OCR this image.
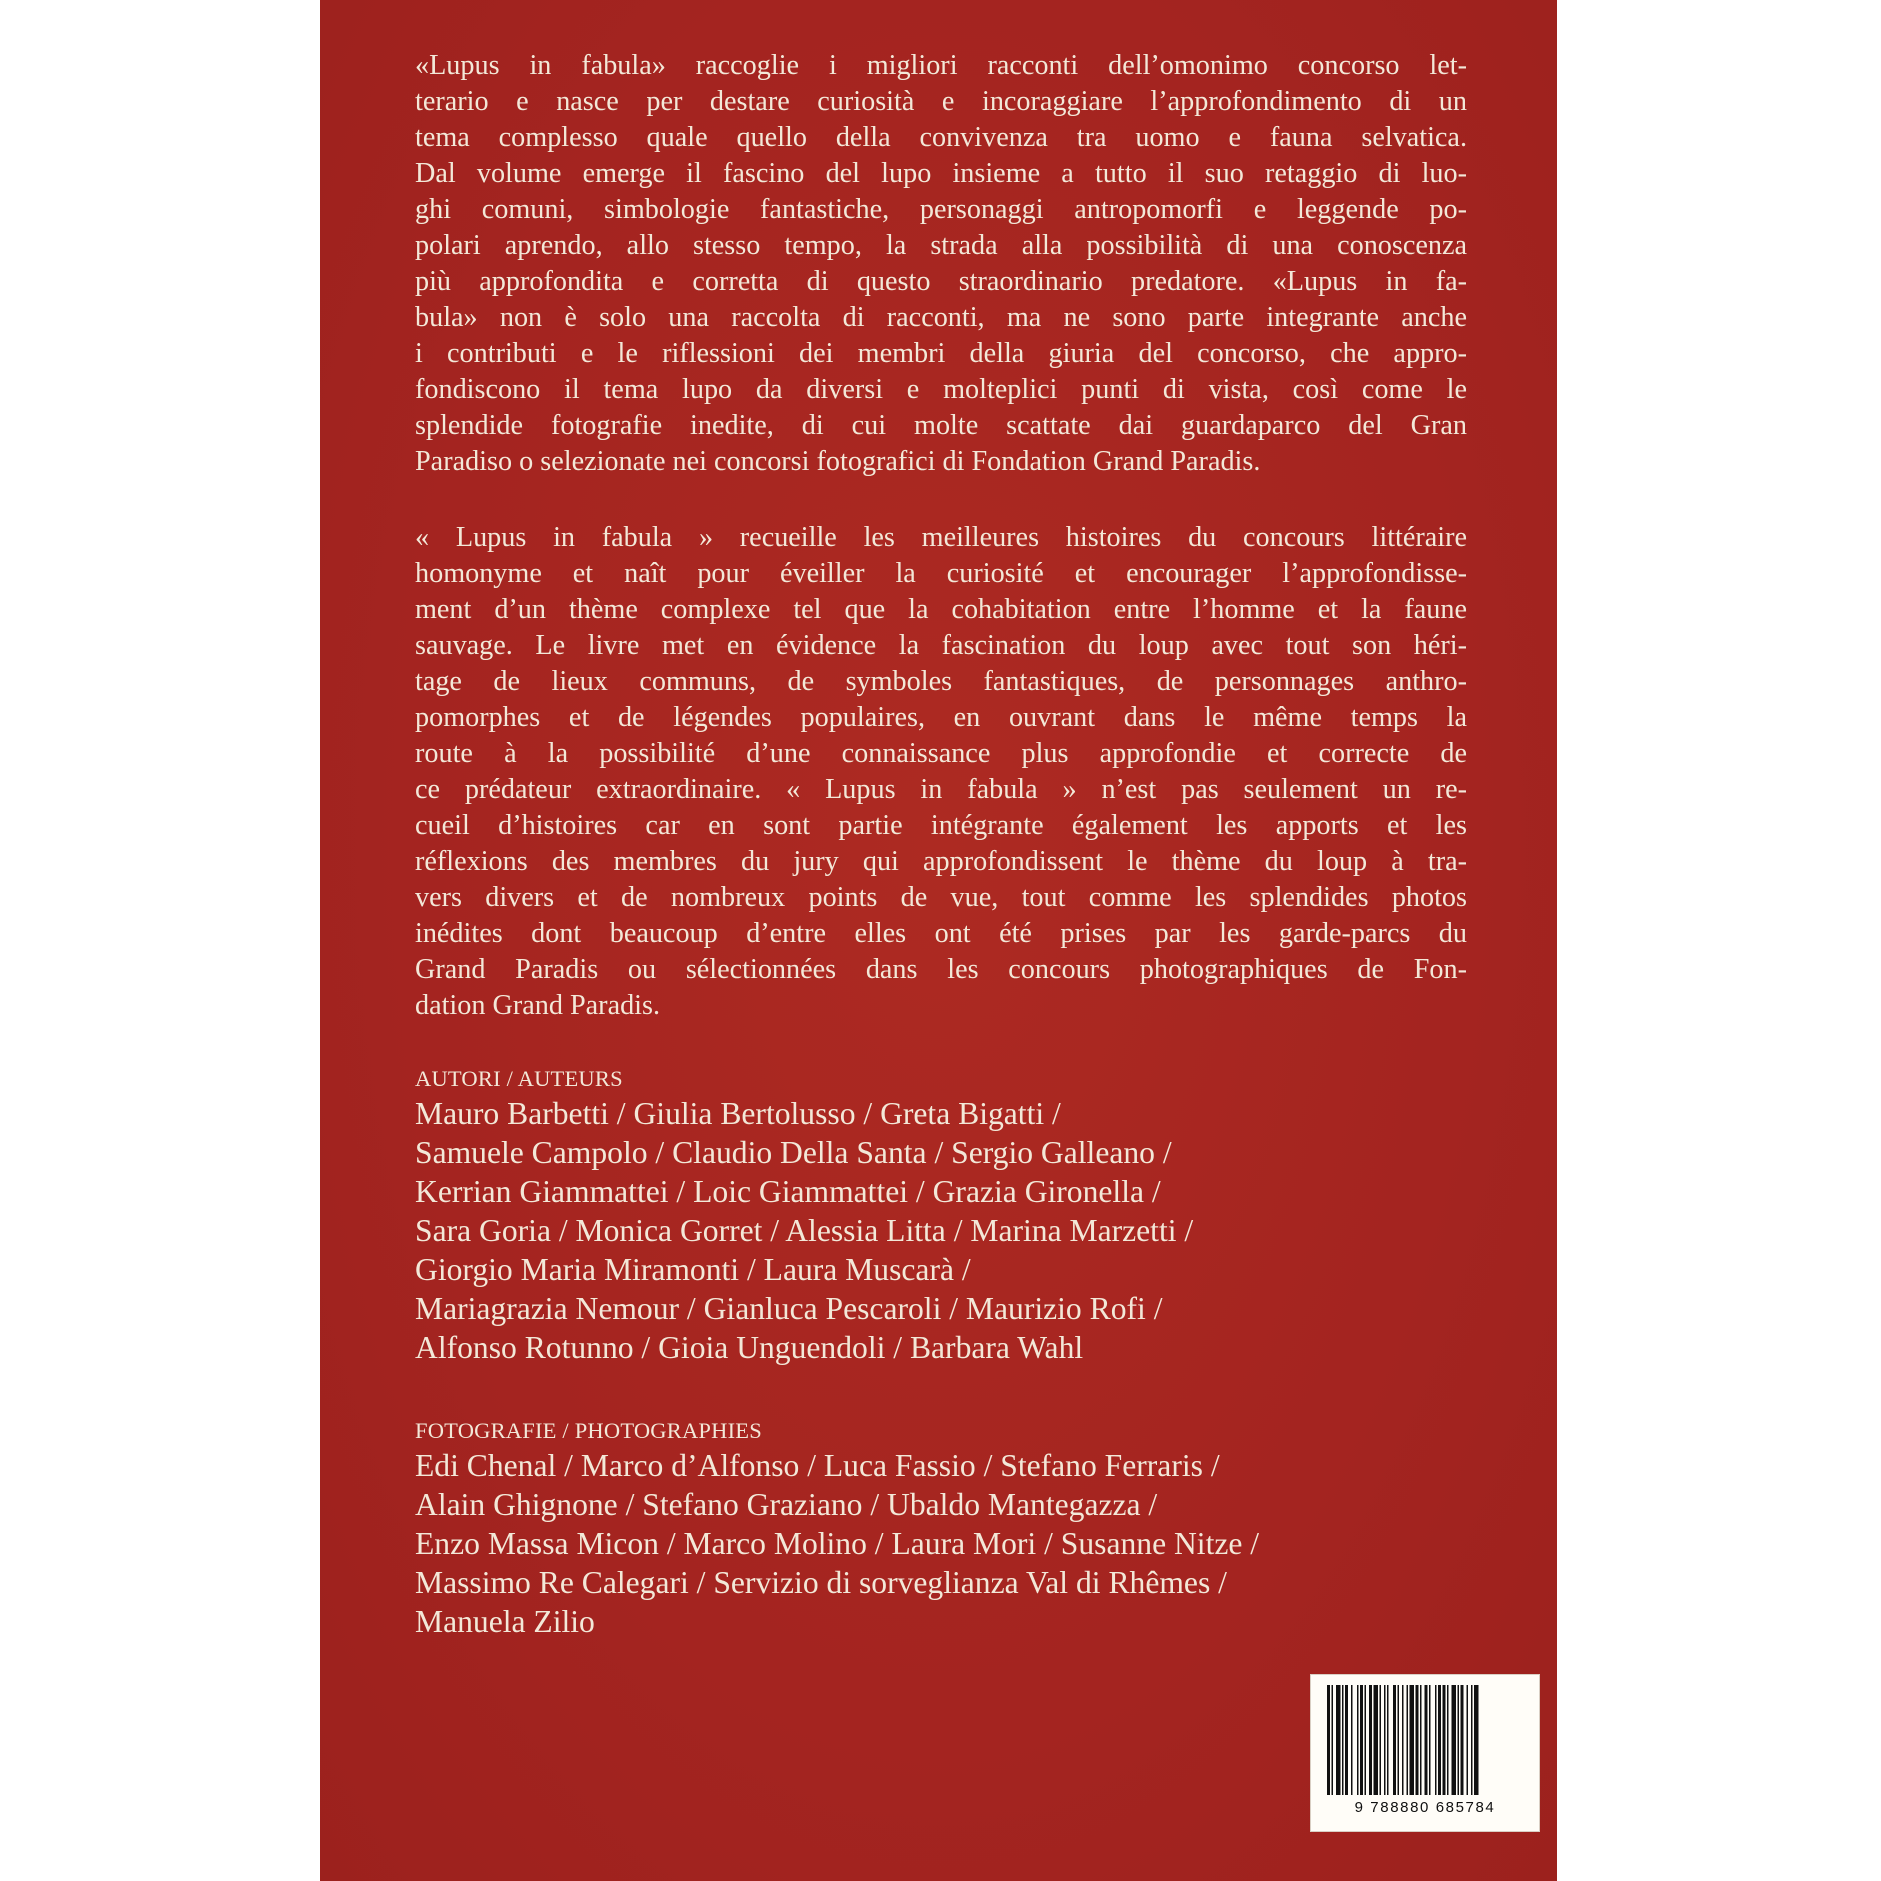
«Lupus in fabula» raccoglie i migliori racconti dell’omonimo concorso let-
terario e nasce per destare curiosità e incoraggiare l’approfondimento di un
tema complesso quale quello della convivenza tra uomo e fauna selvatica.
Dal volume emerge il fascino del lupo insieme a tutto il suo retaggio di luo-
ghi comuni, simbologie fantastiche, personaggi antropomorfi e leggende po-
polari aprendo, allo stesso tempo, la strada alla possibilità di una conoscenza
più approfondita e corretta di questo straordinario predatore. «Lupus in fa-
bula» non è solo una raccolta di racconti, ma ne sono parte integrante anche
i contributi e le riflessioni dei membri della giuria del concorso, che appro-
fondiscono il tema lupo da diversi e molteplici punti di vista, così come le
splendide fotografie inedite, di cui molte scattate dai guardaparco del Gran
Paradiso o selezionate nei concorsi fotografici di Fondation Grand Paradis.

« Lupus in fabula » recueille les meilleures histoires du concours littéraire
homonyme et naît pour éveiller la curiosité et encourager l’approfondisse-
ment d’un thème complexe tel que la cohabitation entre l’homme et la faune
sauvage. Le livre met en évidence la fascination du loup avec tout son héri-
tage de lieux communs, de symboles fantastiques, de personnages anthro-
pomorphes et de légendes populaires, en ouvrant dans le même temps la
route à la possibilité d’une connaissance plus approfondie et correcte de
ce prédateur extraordinaire. « Lupus in fabula » n’est pas seulement un re-
cueil d’histoires car en sont partie intégrante également les apports et les
réflexions des membres du jury qui approfondissent le thème du loup à tra-
vers divers et de nombreux points de vue, tout comme les splendides photos
inédites dont beaucoup d’entre elles ont été prises par les garde-parcs du
Grand Paradis ou sélectionnées dans les concours photographiques de Fon-
dation Grand Paradis.

AUTORI / AUTEURS

Mauro Barbetti / Giulia Bertolusso / Greta Bigatti /
Samuele Campolo / Claudio Della Santa / Sergio Galleano /
Kerrian Giammattei / Loic Giammattei / Grazia Gironella /
Sara Goria / Monica Gorret / Alessia Litta / Marina Marzetti /
Giorgio Maria Miramonti / Laura Muscarà /
Mariagrazia Nemour / Gianluca Pescaroli / Maurizio Rofi /
Alfonso Rotunno / Gioia Unguendoli / Barbara Wahl

FOTOGRAFIE / PHOTOGRAPHIES

Edi Chenal / Marco d’Alfonso / Luca Fassio / Stefano Ferraris /
Alain Ghignone / Stefano Graziano / Ubaldo Mantegazza /
Enzo Massa Micon / Marco Molino / Laura Mori / Susanne Nitze /
Massimo Re Calegari / Servizio di sorveglianza Val di Rhêmes /
Manuela Zilio

9 788880 685784
